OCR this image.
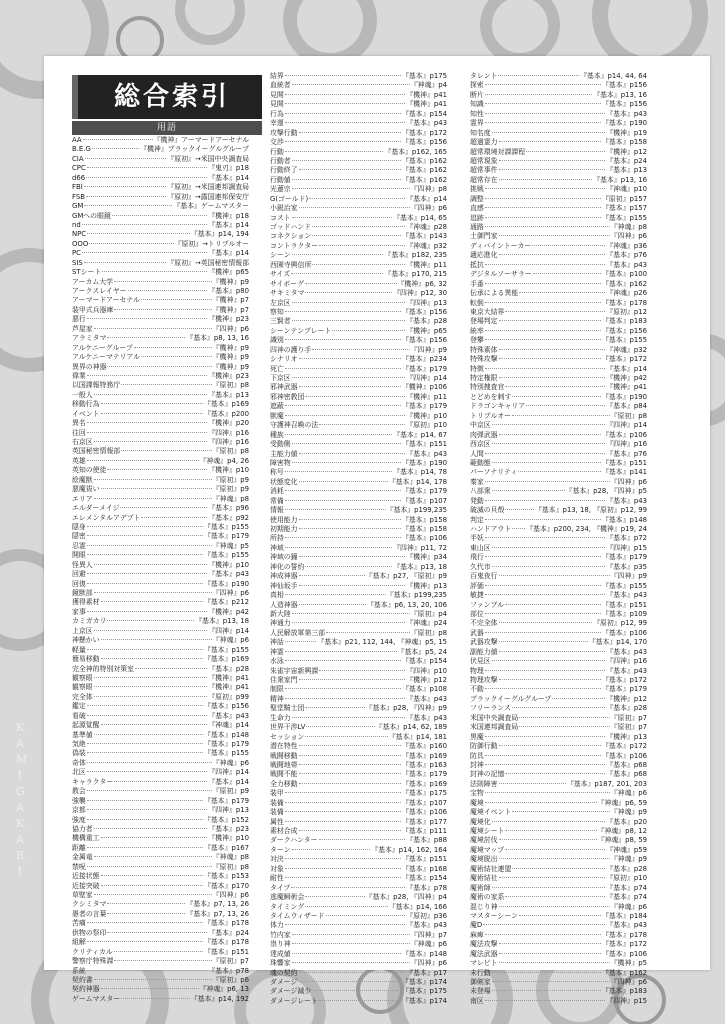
KAMIGAKARI
総合索引
用語
AA	『機神』アーマードアーセナル
B.E.G	『機神』ブラックイーグルグループ
CIA	『原初』→米国中央調査局
CPC	『鬼刃』p18
d66	『基本』p14
FBI	『原初』→米国連邦調査局
FSB	『原初』→露国連邦保安庁
GM	『基本』ゲームマスター
GMへの眼鏡	『機神』p18
nd	『基本』p14
NPC	『基本』p14, 194
OOO	『原初』→トリプルオー
PC	『基本』p14
SIS	『原初』→英国秘密情報部
STシート	『機神』p65
アーカム大学	『機神』p9
アークスレイヤー	『基本』p80
アーマードアーセナル	『機神』p7
装甲式兵器庫	『機神』p7
悪行	『機神』p23
芦屋家	『四神』p6
アラミタマ	『基本』p8, 13, 16
アルケニーグループ	『機神』p9
アルケニーマテリアル	『機神』p9
異界の神器	『機神』p9
偉業	『機神』p23
以国諜報特務庁	『原初』p8
一般人	『基本』p13
移動行為	『基本』p169
イベント	『基本』p200
異名	『機神』p20
往回	『四神』p16
右京区	『四神』p16
英国秘密情報部	『原初』p8
英雄	『神魂』p4, 26
英知の使徒	『機神』p10
絵魔獣	『原初』p9
悪魔祓い	『原初』p9
エリア	『神魂』p8
エルダーメイジ	『基本』p96
エレメンタルアデプト	『基本』p92
隠身	『基本』p155
隠密	『基本』p179
忍霊	『神魂』p5
開眼	『基本』p155
怪異人	『機神』p10
回避	『基本』p43
回復	『基本』p190
鏡獣部	『四神』p6
獲得素材	『基本』p212
家事	『機神』p42
カミガカリ	『基本』p13, 18
上京区	『四神』p14
神懸かい	『神魂』p6
軽量	『基本』p155
簡易移動	『基本』p169
完全神的特別対策室	『基本』p28
観察眼	『機神』p41
観察眼	『機神』p41
完全体	『原初』p99
鑑定	『基本』p156
看破	『基本』p43
起源覚醒	『神魂』p14
基準値	『基本』p148
気絶	『基本』p179
偽装	『基本』p155
奇体	『神魂』p6
北区	『四神』p14
キャラクター	『基本』p14
教会	『原初』p9
強襲	『基本』p179
京都	『四神』p13
強度	『基本』p152
協力者	『基本』p23
機構重工	『機神』p10
距離	『基本』p167
金属竜	『神魂』p8
禁呪	『原初』p8
近接状態	『基本』p153
近接突破	『基本』p170
草壁家	『四神』p6
クシミタマ	『基本』p7, 13, 26
愚者の言葉	『基本』p7, 13, 26
苦痛	『基本』p178
供物の祭印	『基本』p24
組解	『基本』p178
クリティカル	『基本』p151
警察庁特殊課	『原初』p7
系統	『基本』p78
契約書	『原初』p6
契約神器	『神魂』p6, 13
ゲームマスター	『基本』p14, 192
結界	『基本』p175
血統者	『神魂』p4
見開	『機神』p41
見開	『機神』p41
行為	『基本』p154
幸運	『基本』p43
攻撃行動	『基本』p172
交渉	『基本』p156
行動	『基本』p162, 165
行動者	『基本』p162
行動終了	『基本』p162
行動値	『基本』p162
光蓮宗	『四神』p8
G(ゴールド)	『基本』p14
小鋭治家	『四神』p6
コスト	『基本』p14, 65
ゴッドハンド	『神魂』p28
コネクション	『基本』p143
コントラクター	『神魂』p32
シーン	『基本』p182, 235
西園寺興信所	『機神』p11
サイズ	『基本』p170, 215
サイボーグ	『機神』p6, 32
サキミタマ	『四神』p12, 30
左京区	『四神』p13
察知	『基本』p156
三賢者	『基本』p28
シーンテンプレート	『機神』p65
識別	『基本』p156
四神の護り手	『四神』p9
シナリオ	『基本』p234
死亡	『基本』p179
下京区	『四神』p14
邪神武器	『機神』p106
邪神密教団	『機神』p11
遮蔽	『基本』p179
獣魔	『機神』p10
守護神召喚の法	『原初』p10
種族	『基本』p14, 67
受動側	『基本』p151
主能力値	『基本』p43
障害物	『基本』p190
称号	『基本』p14, 78
状態変化	『基本』p14, 178
消耗	『基本』p179
常備	『基本』p107
情報	『基本』p199,235
使用能力	『基本』p158
初期能力	『基本』p158
所持	『基本』p106
神域	『四神』p11, 72
神域の鐘	『機神』p34
神化の誓約	『基本』p13, 18
神成神器	『基本』p27, 『原初』p9
神仙坂手	『機神』p13
真相	『基本』p199,235
人造神器	『基本』p6, 13, 20, 106
新大陸	『原初』p4
神通力	『神魂』p24
人民解放軍第三部	『原初』p8
神話	『基本』p21, 112, 144, 『神魂』p5, 15
神霊	『基本』p5, 24
水泳	『基本』p154
朱雀宇宙新興課	『四神』p10
住衆家門	『機神』p12
制限	『基本』p108
精神	『基本』p43
聖堂騎士団	『基本』p28, 『四神』p9
生命力	『基本』p43
世界干渉LV	『基本』p14, 62, 189
セッション	『基本』p14, 181
潜在特性	『基本』p160
戦闘移動	『基本』p169
戦闘地帯	『基本』p163
戦闘不能	『基本』p179
全力移動	『基本』p169
装甲	『基本』p175
装備	『基本』p107
装備	『基本』p106
属性	『基本』p177
素材合成	『基本』p111
ダークハンター	『基本』p88
ターン	『基本』p14, 162, 164
対決	『基本』p151
対象	『基本』p168
耐性	『基本』p154
タイプ	『基本』p78
逃魔瞬術会	『基本』p28, 『四神』p4
タイミング	『基本』p14, 166
タイムウィザード	『原初』p36
体力	『基本』p43
竹内家	『四神』p7
祟り神	『神魂』p6
達成値	『基本』p148
珠響家	『四神』p6
魂の契約	『基本』p17
ダメージ	『基本』p174
ダメージ減少	『基本』p175
ダメージレート	『基本』p174
タレント	『基本』p14, 44, 64
探索	『基本』p156
断片	『基本』p13, 16
知識	『基本』p156
知性	『基本』p43
霊界	『基本』p190
知名度	『機神』p19
超過霊力	『基本』p158
超常環境対課課程	『機神』p12
超常現象	『基本』p24
超常事件	『基本』p13
超常存在	『基本』p13, 16
挑戦	『神魂』p10
調整	『原初』p157
直感	『基本』p157
追跡	『基本』p155
通路	『神魂』p8
土御門家	『四神』p6
ディバイントーカー	『神魂』p36
適応進化	『基本』p76
抵抗	『基本』p43
デジタルソーサラー	『基本』p100
手番	『基本』p162
伝承による異能	『神魂』p26
転倒	『基本』p178
東京大結界	『原初』p12
登場判定	『基本』p183
統率	『基本』p156
登攀	『基本』p155
特殊素体	『神魂』p32
特殊攻撃	『基本』p172
特徴	『基本』p14
特定権限	『機神』p42
特別捜査官	『機神』p41
とどめを刺す	『基本』p190
ドラゴンキャリア	『基本』p84
トリプルオー	『原初』p8
中京区	『四神』p14
肉弾武器	『基本』p106
西京区	『四神』p16
人間	『基本』p76
範動態	『基本』p151
パーソナリティ	『基本』p141
秦家	『四神』p6
八部衆	『基本』p28, 『四神』p5
発動	『基本』p43
破滅の貝殻	『基本』p13, 18, 『原初』p12, 99
判定	『基本』p148
ハンドアウト 『基本』p200, 234, 『機神』p19, 24
半妖	『基本』p72
東山区	『四神』p15
飛行	『基本』p179
久代市	『基本』p35
百鬼夜行	『四神』p9
評価	『基本』p155
敏捷	『基本』p43
ファンブル	『基本』p151
部位	『基本』p109
不完全体	『原初』p12, 99
武器	『基本』p106
武器攻撃	『基本』p14, 170
副能力値	『基本』p43
伏見区	『四神』p16
物理	『基本』p43
物理攻撃	『基本』p172
不動	『基本』p179
ブラックイーグルグループ	『機神』p12
フリーランス	『基本』p28
米国中央調査局	『原初』p7
米国連邦調査局	『原初』p7
黒魔	『機神』p13
防御行動	『基本』p172
防具	『基本』p106
封神	『基本』p68
封神の記憶	『基本』p68
法則障害	『基本』p187, 201, 203
宝物	『神魂』p6
魔境	『神魂』p6, 59
魔境イベント	『神魂』p9
魔境化	『基本』p20
魔境シート	『神魂』p8, 12
魔境討伐	『神魂』p8, 59
魔境マップ	『神魂』p59
魔境脱出	『神魂』p9
魔術結社連盟	『基本』p28
魔術結社	『原初』p10
魔術師	『基本』p74
魔術の家系	『基本』p74
混じり神	『神魂』p6
マスターシーン	『基本』p184
魔D	『基本』p43
麻痺	『基本』p178
魔法攻撃	『基本』p172
魔法武器	『基本』p106
マレビト	『機神』p5
未行動	『基本』p162
御剣家	『四神』p6
未登場	『基本』p183
南区	『四神』p15
